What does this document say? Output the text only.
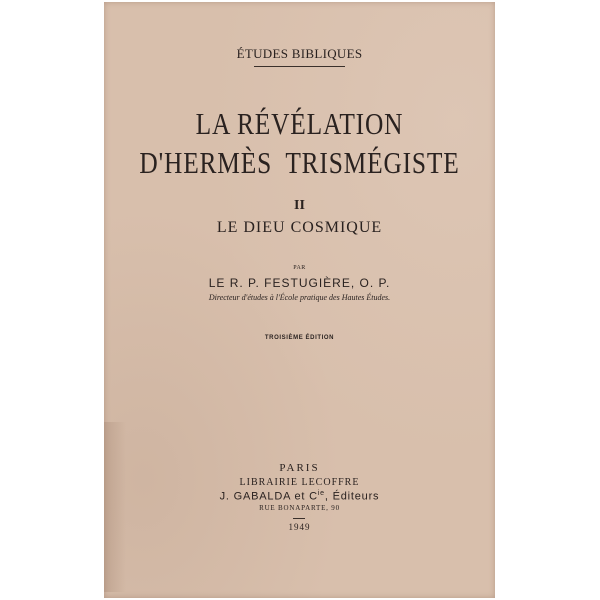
ÉTUDES BIBLIQUES
LA RÉVÉLATION
D'HERMÈS TRISMÉGISTE
II
LE DIEU COSMIQUE
PAR
LE R. P. FESTUGIÈRE, O. P.
Directeur d'études à l'École pratique des Hautes Études.
TROISIÈME ÉDITION
PARIS
LIBRAIRIE LECOFFRE
J. GABALDA et $C^{ie}$, Éditeurs
RUE BONAPARTE, 90
1949
